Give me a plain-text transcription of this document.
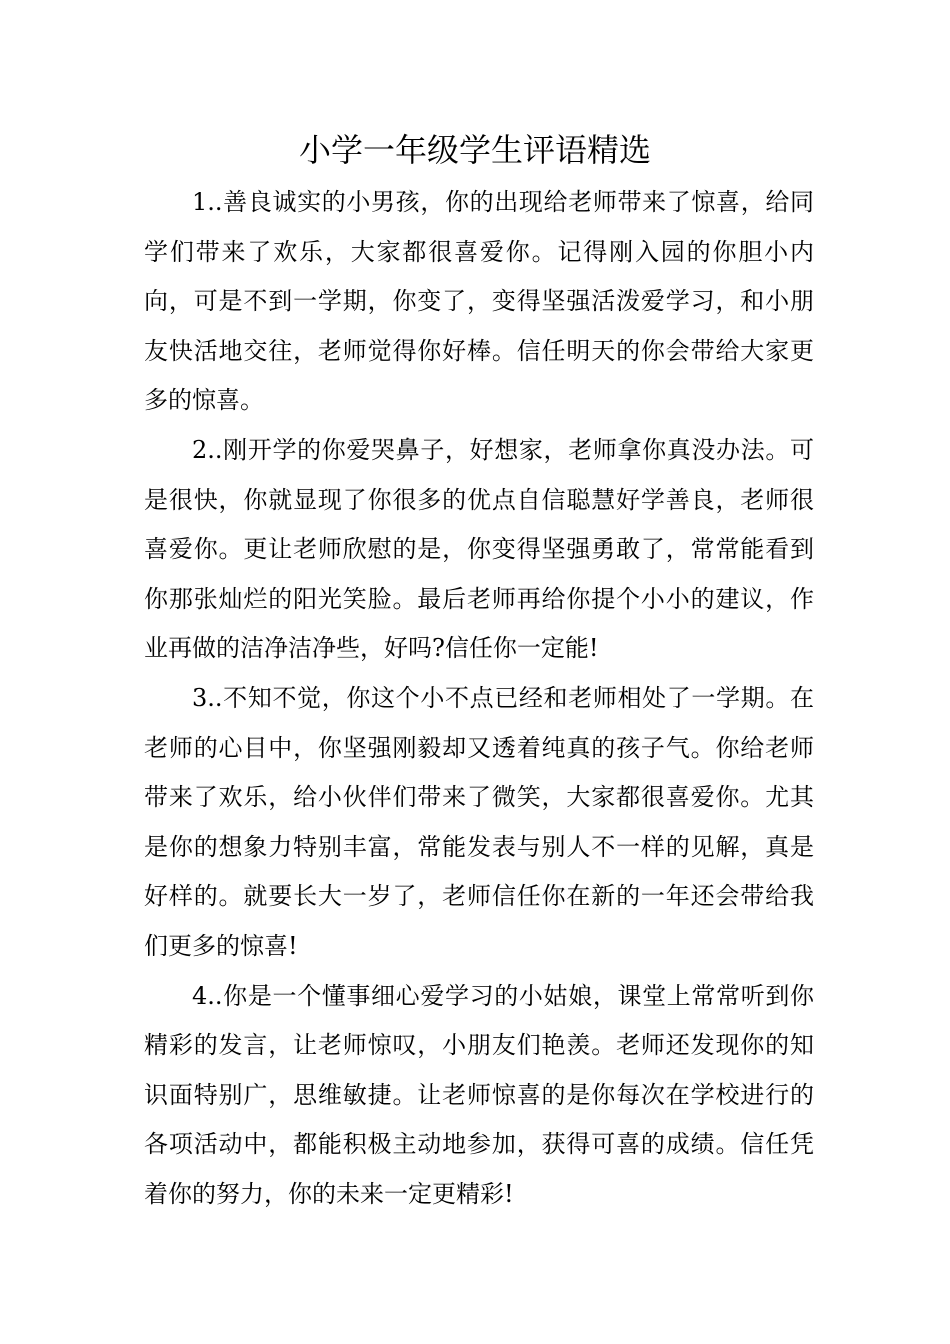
小学一年级学生评语精选

1..善良诚实的小男孩，你的出现给老师带来了惊喜，给同学们带来了欢乐，大家都很喜爱你。记得刚入园的你胆小内向，可是不到一学期，你变了，变得坚强活泼爱学习，和小朋友快活地交往，老师觉得你好棒。信任明天的你会带给大家更多的惊喜。

2..刚开学的你爱哭鼻子，好想家，老师拿你真没办法。可是很快，你就显现了你很多的优点自信聪慧好学善良，老师很喜爱你。更让老师欣慰的是，你变得坚强勇敢了，常常能看到你那张灿烂的阳光笑脸。最后老师再给你提个小小的建议，作业再做的洁净洁净些，好吗?信任你一定能!

3..不知不觉，你这个小不点已经和老师相处了一学期。在老师的心目中，你坚强刚毅却又透着纯真的孩子气。你给老师带来了欢乐，给小伙伴们带来了微笑，大家都很喜爱你。尤其是你的想象力特别丰富，常能发表与别人不一样的见解，真是好样的。就要长大一岁了，老师信任你在新的一年还会带给我们更多的惊喜!

4..你是一个懂事细心爱学习的小姑娘，课堂上常常听到你精彩的发言，让老师惊叹，小朋友们艳羡。老师还发现你的知识面特别广，思维敏捷。让老师惊喜的是你每次在学校进行的各项活动中，都能积极主动地参加，获得可喜的成绩。信任凭着你的努力，你的未来一定更精彩!
